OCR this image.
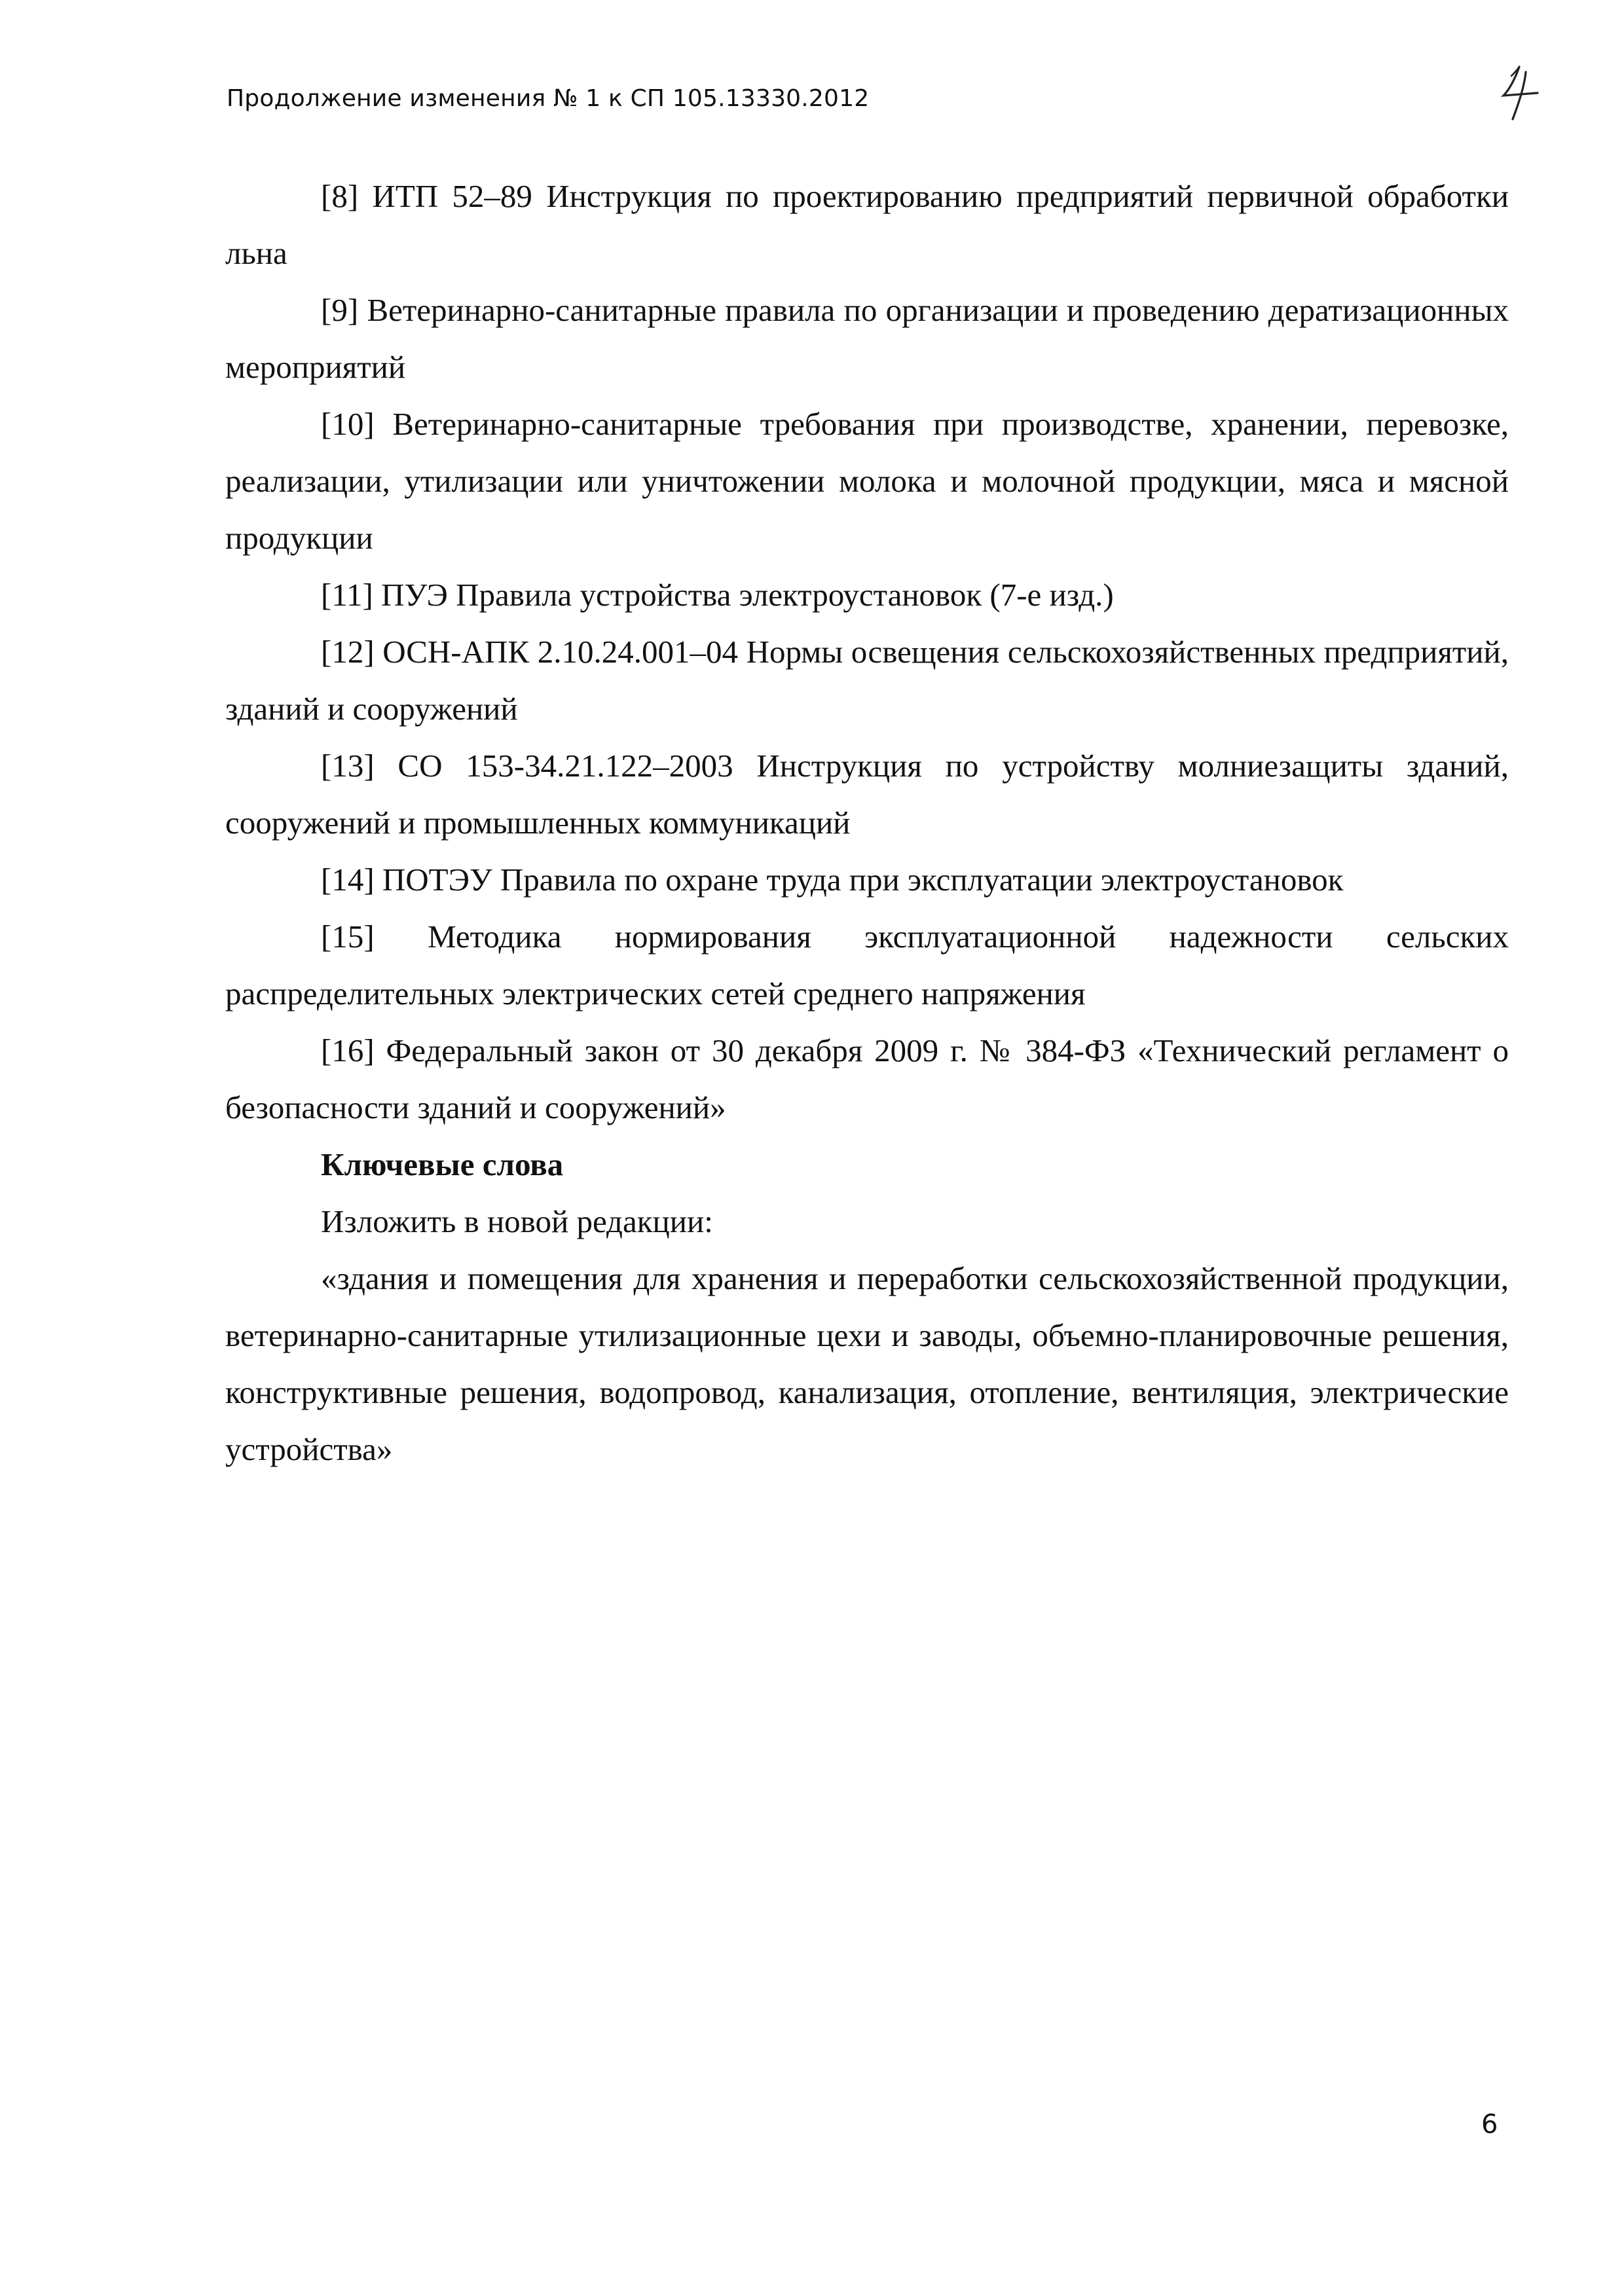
Продолжение изменения № 1 к СП 105.13330.2012

[8] ИТП 52–89 Инструкция по проектированию предприятий первичной обработки льна

[9] Ветеринарно-санитарные правила по организации и проведению дератизационных мероприятий

[10] Ветеринарно-санитарные требования при производстве, хранении, перевозке, реализации, утилизации или уничтожении молока и молочной продукции, мяса и мясной продукции

[11] ПУЭ Правила устройства электроустановок (7-е изд.)

[12] ОСН-АПК 2.10.24.001–04 Нормы освещения сельскохозяйственных предприятий, зданий и сооружений

[13] СО 153-34.21.122–2003 Инструкция по устройству молниезащиты зданий, сооружений и промышленных коммуникаций

[14] ПОТЭУ Правила по охране труда при эксплуатации электроустановок

[15] Методика нормирования эксплуатационной надежности сельских распределительных электрических сетей среднего напряжения

[16] Федеральный закон от 30 декабря 2009 г. № 384-ФЗ «Технический регламент о безопасности зданий и сооружений»

Ключевые слова

Изложить в новой редакции:

«здания и помещения для хранения и переработки сельскохозяйственной продукции, ветеринарно-санитарные утилизационные цехи и заводы, объемно-планировочные решения, конструктивные решения, водопровод, канализация, отопление, вентиляция, электрические устройства»

6
